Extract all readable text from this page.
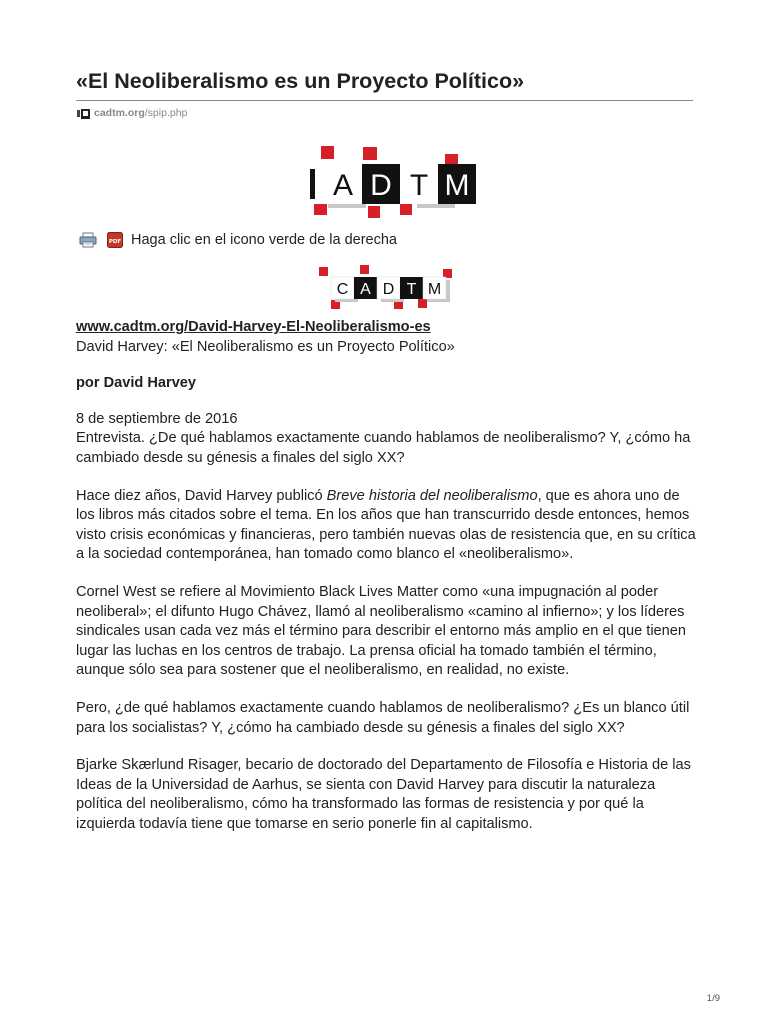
«El Neoliberalismo es un Proyecto Político»
cadtm.org/spip.php
A D T M
PDF Haga clic en el icono verde de la derecha
C A D T M

www.cadtm.org/David-Harvey-El-Neoliberalismo-es

David Harvey: «El Neoliberalismo es un Proyecto Político»

por David Harvey

8 de septiembre de 2016

Entrevista. ¿De qué hablamos exactamente cuando hablamos de neoliberalismo? Y, ¿cómo ha cambiado desde su génesis a finales del siglo XX?

Hace diez años, David Harvey publicó Breve historia del neoliberalismo, que es ahora uno de los libros más citados sobre el tema. En los años que han transcurrido desde entonces, hemos visto crisis económicas y financieras, pero también nuevas olas de resistencia que, en su crítica a la sociedad contemporánea, han tomado como blanco el «neoliberalismo».

Cornel West se refiere al Movimiento Black Lives Matter como «una impugnación al poder neoliberal»; el difunto Hugo Chávez, llamó al neoliberalismo «camino al infierno»; y los líderes sindicales usan cada vez más el término para describir el entorno más amplio en el que tienen lugar las luchas en los centros de trabajo. La prensa oficial ha tomado también el término, aunque sólo sea para sostener que el neoliberalismo, en realidad, no existe.

Pero, ¿de qué hablamos exactamente cuando hablamos de neoliberalismo? ¿Es un blanco útil para los socialistas? Y, ¿cómo ha cambiado desde su génesis a finales del siglo XX?

Bjarke Skærlund Risager, becario de doctorado del Departamento de Filosofía e Historia de las Ideas de la Universidad de Aarhus, se sienta con David Harvey para discutir la naturaleza política del neoliberalismo, cómo ha transformado las formas de resistencia y por qué la izquierda todavía tiene que tomarse en serio ponerle fin al capitalismo.

1/9
